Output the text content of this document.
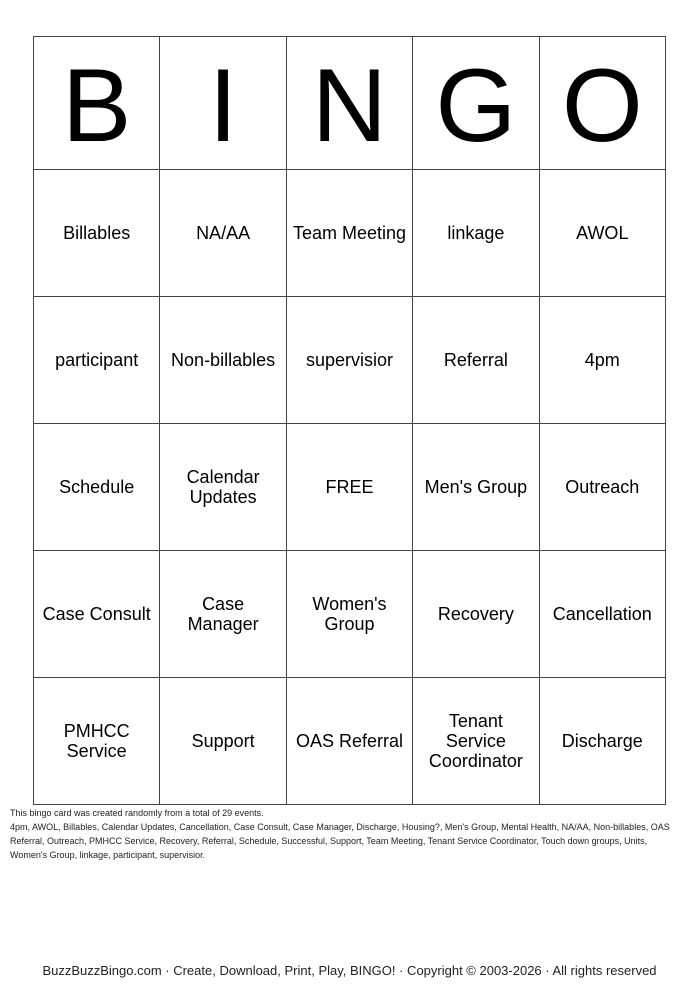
B	I	N	G	O
Billables	NA/AA	Team Meeting	linkage	AWOL
participant	Non-billables	supervisior	Referral	4pm
Schedule	Calendar Updates	FREE	Men's Group	Outreach
Case Consult	Case Manager	Women's Group	Recovery	Cancellation
PMHCC Service	Support	OAS Referral	Tenant Service Coordinator	Discharge

This bingo card was created randomly from a total of 29 events.

4pm, AWOL, Billables, Calendar Updates, Cancellation, Case Consult, Case Manager, Discharge, Housing?, Men's Group, Mental Health, NA/AA, Non-billables, OAS Referral, Outreach, PMHCC Service, Recovery, Referral, Schedule, Successful, Support, Team Meeting, Tenant Service Coordinator, Touch down groups, Units, Women's Group, linkage, participant, supervisior.

BuzzBuzzBingo.com · Create, Download, Print, Play, BINGO! · Copyright © 2003-2026 · All rights reserved
